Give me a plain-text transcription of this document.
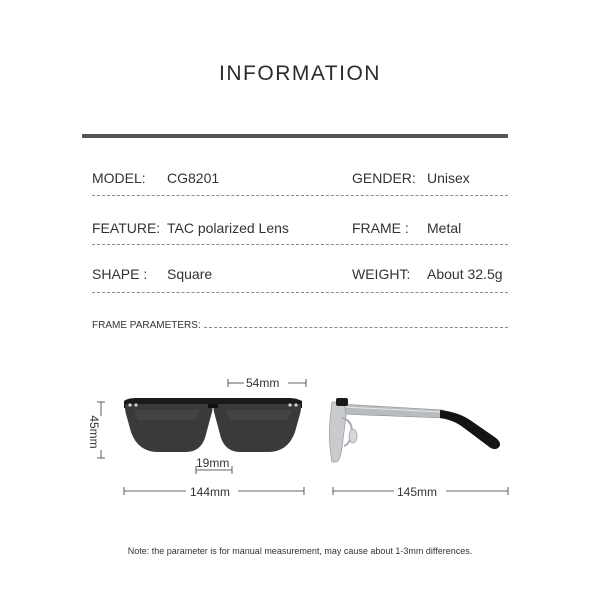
INFORMATION
MODEL: CG8201	GENDER: Unisex
FEATURE: TAC polarized Lens	FRAME : Metal
SHAPE : Square	WEIGHT: About 32.5g
FRAME PARAMETERS:
54mm
45mm
19mm
144mm	145mm
Note: the parameter is for manual measurement, may cause about 1-3mm differences.
